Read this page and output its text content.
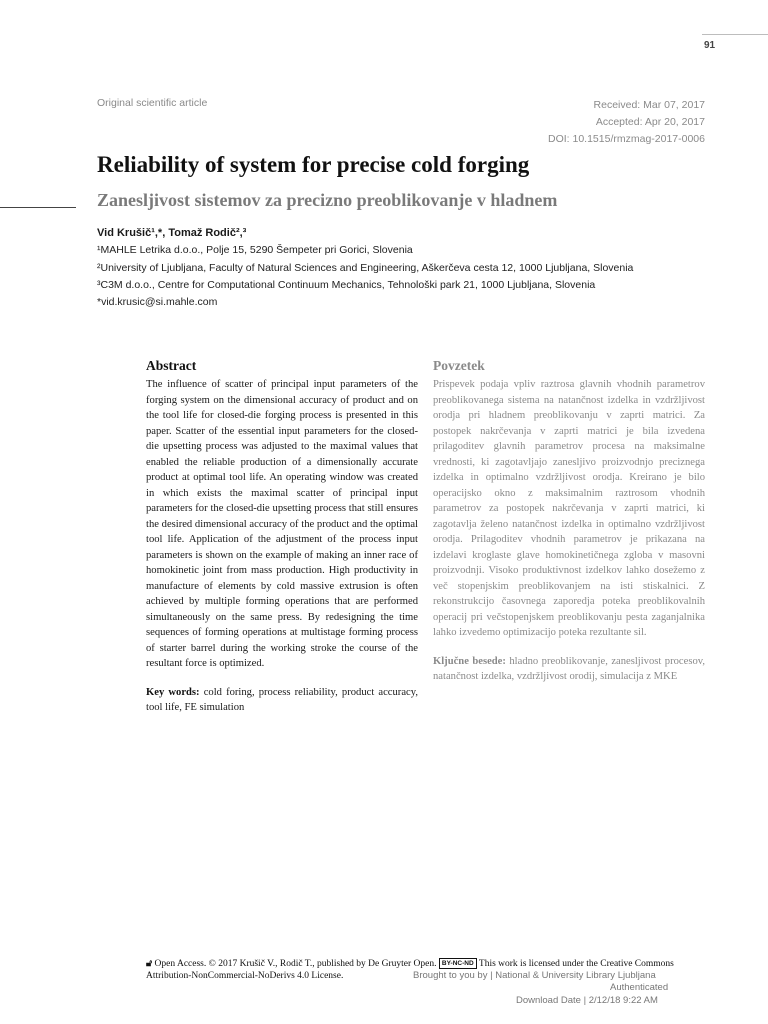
91
Original scientific article	Received: Mar 07, 2017
Accepted: Apr 20, 2017
DOI: 10.1515/rmzmag-2017-0006
Reliability of system for precise cold forging
Zanesljivost sistemov za precizno preoblikovanje v hladnem
Vid Krušič¹,*, Tomaž Rodič²,³
¹MAHLE Letrika d.o.o., Polje 15, 5290 Šempeter pri Gorici, Slovenia
²University of Ljubljana, Faculty of Natural Sciences and Engineering, Aškerčeva cesta 12, 1000 Ljubljana, Slovenia
³C3M d.o.o., Centre for Computational Continuum Mechanics, Tehnološki park 21, 1000 Ljubljana, Slovenia
*vid.krusic@si.mahle.com
Abstract

The influence of scatter of principal input parameters of the forging system on the dimensional accuracy of product and on the tool life for closed-die forging process is presented in this paper. Scatter of the essential input parameters for the closed-die upsetting process was adjusted to the maximal values that enabled the reliable production of a dimensionally accurate product at optimal tool life. An operating window was created in which exists the maximal scatter of principal input parameters for the closed-die upsetting process that still ensures the desired dimensional accuracy of the product and the optimal tool life. Application of the adjustment of the process input parameters is shown on the example of making an inner race of homokinetic joint from mass production. High productivity in manufacture of elements by cold massive extrusion is often achieved by multiple forming operations that are performed simultaneously on the same press. By redesigning the time sequences of forming operations at multistage forming process of starter barrel during the working stroke the course of the resultant force is optimized.

Key words: cold foring, process reliability, product accuracy, tool life, FE simulation
Povzetek

Prispevek podaja vpliv raztrosa glavnih vhodnih parametrov preoblikovanega sistema na natančnost izdelka in vzdržljivost orodja pri hladnem preoblikovanju v zaprti matrici. Za postopek nakrčevanja v zaprti matrici je bila izvedena prilagoditev glavnih parametrov procesa na maksimalne vrednosti, ki zagotavljajo zanesljivo proizvodnjo preciznega izdelka in optimalno vzdržljivost orodja. Kreirano je bilo operacijsko okno z maksimalnim raztrosom vhodnih parametrov za postopek nakrčevanja v zaprti matrici, ki zagotavlja želeno natančnost izdelka in optimalno vzdržljivost orodja. Prilagoditev vhodnih parametrov je prikazana na izdelavi kroglaste glave homokinetičnega zgloba v masovni proizvodnji. Visoko produktivnost izdelkov lahko dosežemo z več stopenjskim preoblikovanjem na isti stiskalnici. Z rekonstrukcijo časovnega zaporedja poteka preoblikovalnih operacij pri večstopenjskem preoblikovanju pesta zaganjalnika lahko izvedemo optimizacijo poteka rezultante sil.

Ključne besede: hladno preoblikovanje, zanesljivost procesov, natančnost izdelka, vzdržljivost orodij, simulacija z MKE
🔓︎ Open Access. © 2017 Krušič V., Rodič T., published by De Gruyter Open. BY-NC-ND This work is licensed under the Creative Commons Attribution-NonCommercial-NoDerivs 4.0 License.	Brought to you by | National & University Library Ljubljana
Authenticated
Download Date | 2/12/18 9:22 AM
